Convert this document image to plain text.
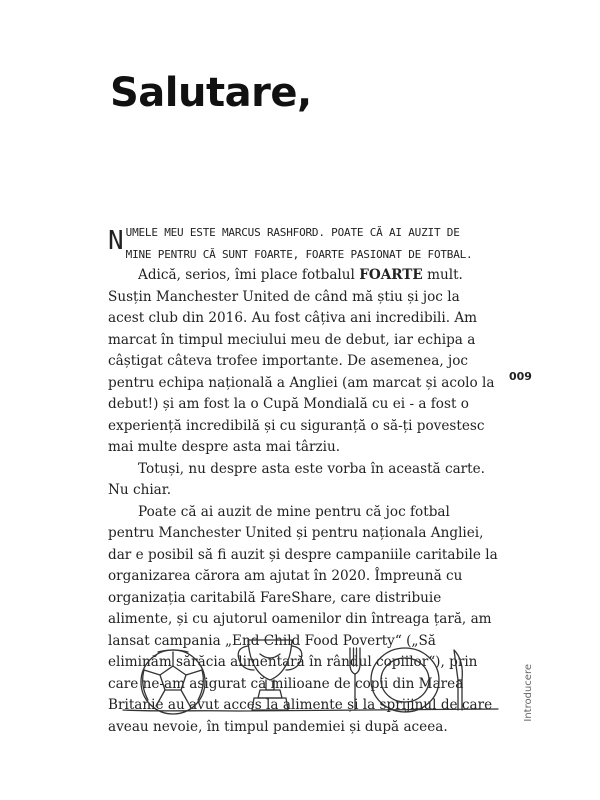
Salutare,
N UMELE MEU ESTE MARCUS RASHFORD. POATE CĂ AI AUZIT DE
MINE PENTRU CĂ SUNT FOARTE, FOARTE PASIONAT DE FOTBAL.

Adică, serios, îmi place fotbalul FOARTE mult. Susțin Manchester United de când mă știu și joc la acest club din 2016. Au fost câțiva ani incredibili. Am marcat în timpul meciului meu de debut, iar echipa a câștigat câteva trofee importante. De asemenea, joc pentru echipa națională a Angliei (am marcat și acolo la debut!) și am fost la o Cupă Mondială cu ei - a fost o experiență incredibilă și cu siguranță o să-ți povestesc mai multe despre asta mai târziu.

Totuși, nu despre asta este vorba în această carte. Nu chiar.

Poate că ai auzit de mine pentru că joc fotbal pentru Manchester United și pentru naționala Angliei, dar e posibil să fi auzit și despre campaniile caritabile la organizarea cărora am ajutat în 2020. Împreună cu organizația caritabilă FareShare, care distribuie alimente, și cu ajutorul oamenilor din întreaga țară, am lansat campania „End Child Food Poverty“ („Să eliminăm sărăcia alimentară în rândul copiilor“), prin care ne-am asigurat că milioane de copii din Marea Britanie au avut acces la alimente și la sprijinul de care aveau nevoie, în timpul pandemiei și după aceea.

009
Introducere
